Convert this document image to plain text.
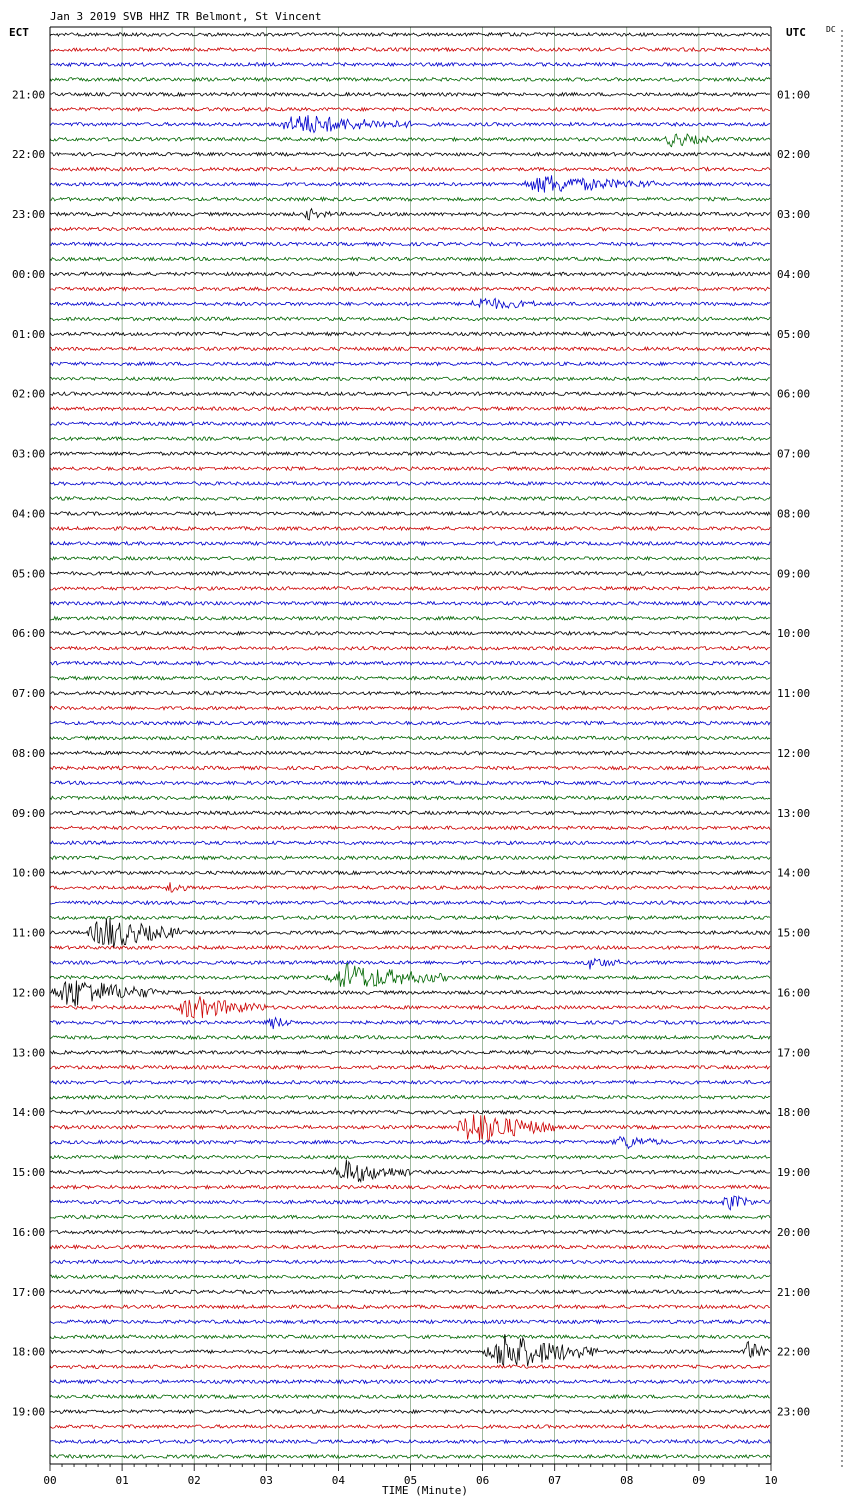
Jan 3 2019 SVB HHZ TR Belmont, St Vincent
ECT	UTC	DC
TIME (Minute)
21:00	01:00
22:00	02:00
23:00	03:00
00:00	04:00
01:00	05:00
02:00	06:00
03:00	07:00
04:00	08:00
05:00	09:00
06:00	10:00
07:00	11:00
08:00	12:00
09:00	13:00
10:00	14:00
11:00	15:00
12:00	16:00
13:00	17:00
14:00	18:00
15:00	19:00
16:00	20:00
17:00	21:00
18:00	22:00
19:00	23:00
00	01	02	03	04	05	06	07	08	09	10
